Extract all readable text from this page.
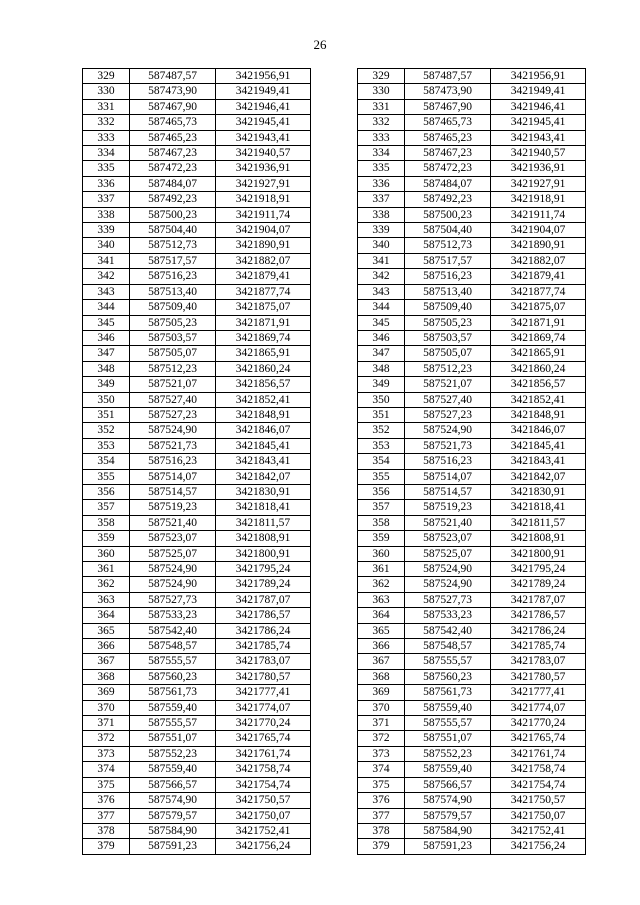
26
329	587487,57	3421956,91		329	587487,57	3421956,91
330	587473,90	3421949,41		330	587473,90	3421949,41
331	587467,90	3421946,41		331	587467,90	3421946,41
332	587465,73	3421945,41		332	587465,73	3421945,41
333	587465,23	3421943,41		333	587465,23	3421943,41
334	587467,23	3421940,57		334	587467,23	3421940,57
335	587472,23	3421936,91		335	587472,23	3421936,91
336	587484,07	3421927,91		336	587484,07	3421927,91
337	587492,23	3421918,91		337	587492,23	3421918,91
338	587500,23	3421911,74		338	587500,23	3421911,74
339	587504,40	3421904,07		339	587504,40	3421904,07
340	587512,73	3421890,91		340	587512,73	3421890,91
341	587517,57	3421882,07		341	587517,57	3421882,07
342	587516,23	3421879,41		342	587516,23	3421879,41
343	587513,40	3421877,74		343	587513,40	3421877,74
344	587509,40	3421875,07		344	587509,40	3421875,07
345	587505,23	3421871,91		345	587505,23	3421871,91
346	587503,57	3421869,74		346	587503,57	3421869,74
347	587505,07	3421865,91		347	587505,07	3421865,91
348	587512,23	3421860,24		348	587512,23	3421860,24
349	587521,07	3421856,57		349	587521,07	3421856,57
350	587527,40	3421852,41		350	587527,40	3421852,41
351	587527,23	3421848,91		351	587527,23	3421848,91
352	587524,90	3421846,07		352	587524,90	3421846,07
353	587521,73	3421845,41		353	587521,73	3421845,41
354	587516,23	3421843,41		354	587516,23	3421843,41
355	587514,07	3421842,07		355	587514,07	3421842,07
356	587514,57	3421830,91		356	587514,57	3421830,91
357	587519,23	3421818,41		357	587519,23	3421818,41
358	587521,40	3421811,57		358	587521,40	3421811,57
359	587523,07	3421808,91		359	587523,07	3421808,91
360	587525,07	3421800,91		360	587525,07	3421800,91
361	587524,90	3421795,24		361	587524,90	3421795,24
362	587524,90	3421789,24		362	587524,90	3421789,24
363	587527,73	3421787,07		363	587527,73	3421787,07
364	587533,23	3421786,57		364	587533,23	3421786,57
365	587542,40	3421786,24		365	587542,40	3421786,24
366	587548,57	3421785,74		366	587548,57	3421785,74
367	587555,57	3421783,07		367	587555,57	3421783,07
368	587560,23	3421780,57		368	587560,23	3421780,57
369	587561,73	3421777,41		369	587561,73	3421777,41
370	587559,40	3421774,07		370	587559,40	3421774,07
371	587555,57	3421770,24		371	587555,57	3421770,24
372	587551,07	3421765,74		372	587551,07	3421765,74
373	587552,23	3421761,74		373	587552,23	3421761,74
374	587559,40	3421758,74		374	587559,40	3421758,74
375	587566,57	3421754,74		375	587566,57	3421754,74
376	587574,90	3421750,57		376	587574,90	3421750,57
377	587579,57	3421750,07		377	587579,57	3421750,07
378	587584,90	3421752,41		378	587584,90	3421752,41
379	587591,23	3421756,24		379	587591,23	3421756,24
